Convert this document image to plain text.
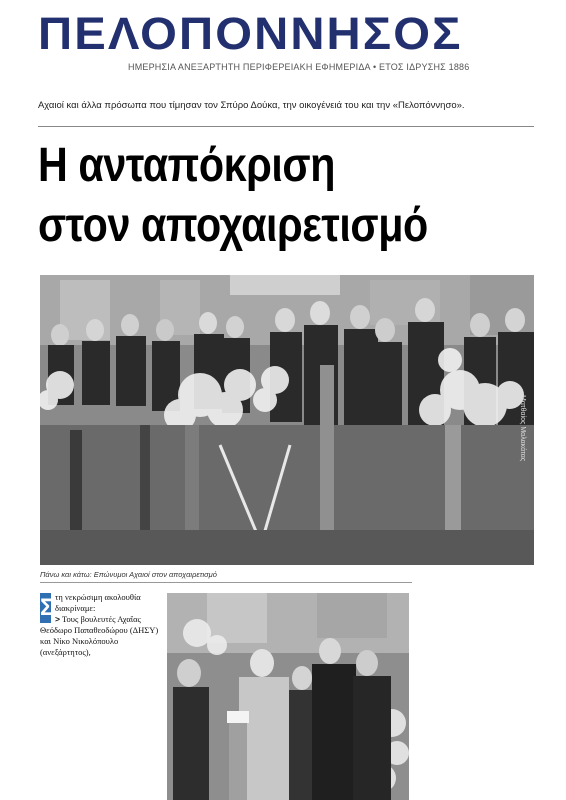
ΠΕΛΟΠΟΝΝΗΣΟΣ
ΗΜΕΡΗΣΙΑ ΑΝΕΞΑΡΤΗΤΗ ΠΕΡΙΦΕΡΕΙΑΚΗ ΕΦΗΜΕΡΙΔΑ • ΕΤΟΣ ΙΔΡΥΣΗΣ 1886
Αχαιοί και άλλα πρόσωπα που τίμησαν τον Σπύρο Δούκα, την οικογένειά του και την «Πελοπόννησο».
Η ανταπόκριση
στον αποχαιρετισμό
Ματθαίος Μαλακάτας
Πάνω και κάτω: Επώνυμοι Αχαιοί στον αποχαιρετισμό
Σ τη νεκρώσιμη ακολουθία διακρίναμε:
> Τους βουλευτές Αχαΐας Θεόδωρο Παπαθεοδώρου (ΔΗΣΥ) και Νίκο Νικολόπουλο (ανεξάρτητος),
